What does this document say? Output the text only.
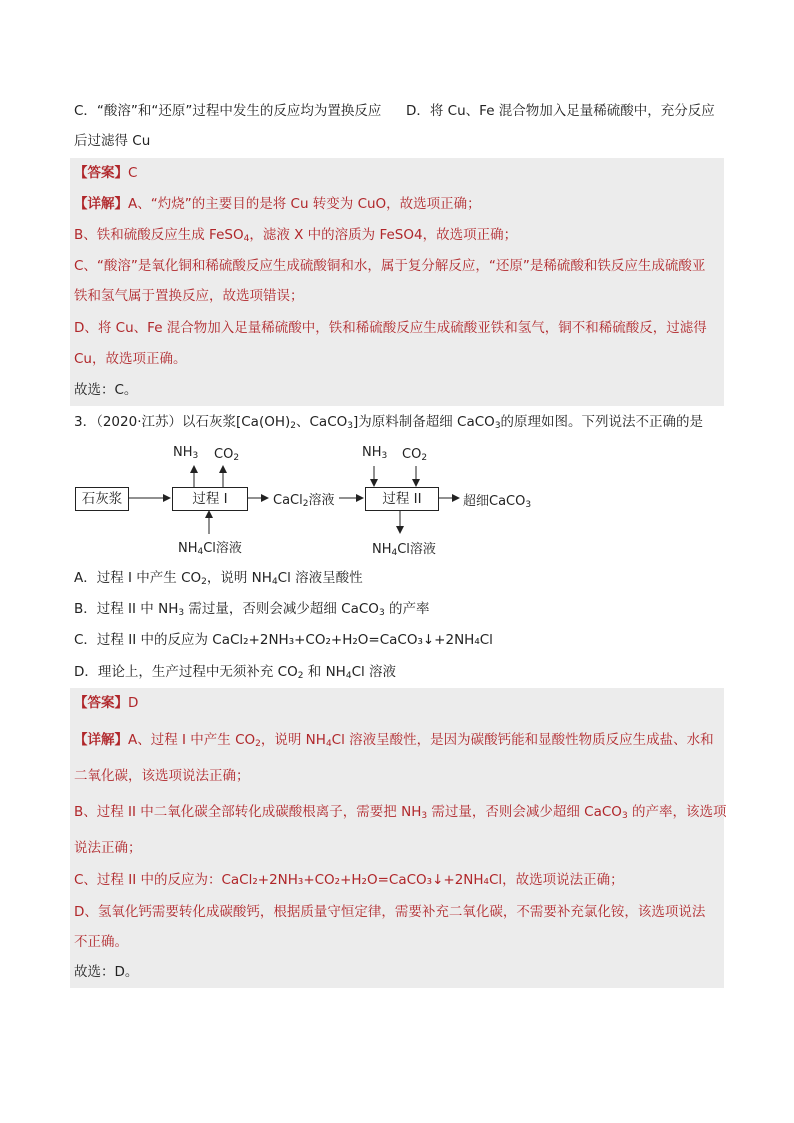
C．“酸溶”和“还原”过程中发生的反应均为置换反应 D．将 Cu、Fe 混合物加入足量稀硫酸中，充分反应
后过滤得 Cu
【答案】C
【详解】A、“灼烧”的主要目的是将 Cu 转变为 CuO，故选项正确；
B、铁和硫酸反应生成 FeSO$_4$，滤液 X 中的溶质为 FeSO4，故选项正确；
C、“酸溶”是氧化铜和稀硫酸反应生成硫酸铜和水，属于复分解反应，“还原”是稀硫酸和铁反应生成硫酸亚
铁和氢气属于置换反应，故选项错误；
D、将 Cu、Fe 混合物加入足量稀硫酸中，铁和稀硫酸反应生成硫酸亚铁和氢气，铜不和稀硫酸反，过滤得
Cu，故选项正确。
故选：C。
3．（2020·江苏）以石灰浆[$Ca(OH)_2$、CaCO$_3$]为原料制备超细 CaCO$_3$的原理如图。下列说法不正确的是
石灰浆	过程 I	过程 II
$NH_3$ $CO_2$
$NH_4Cl$溶液
CaCl$_2$溶液
$NH_3$ $CO_2$
$NH_4Cl$溶液
超细CaCO$_3$
A．过程 I 中产生 $CO_2$，说明 $NH_4Cl$ 溶液呈酸性
B．过程 II 中 $NH_3$ 需过量，否则会减少超细 CaCO$_3$ 的产率
C．过程 II 中的反应为 CaCl₂+2NH₃+CO₂+H₂O=CaCO₃↓+2NH₄Cl
D．理论上，生产过程中无须补充 $CO_2$ 和 $NH_4Cl$ 溶液
【答案】D
【详解】A、过程 I 中产生 $CO_2$，说明 $NH_4Cl$ 溶液呈酸性，是因为碳酸钙能和显酸性物质反应生成盐、水和
二氧化碳，该选项说法正确；
B、过程 II 中二氧化碳全部转化成碳酸根离子，需要把 $NH_3$ 需过量，否则会减少超细 CaCO$_3$ 的产率，该选项
说法正确；
C、过程 II 中的反应为：CaCl₂+2NH₃+CO₂+H₂O=CaCO₃↓+2NH₄Cl，故选项说法正确；
D、氢氧化钙需要转化成碳酸钙，根据质量守恒定律，需要补充二氧化碳，不需要补充氯化铵，该选项说法
不正确。
故选：D。
